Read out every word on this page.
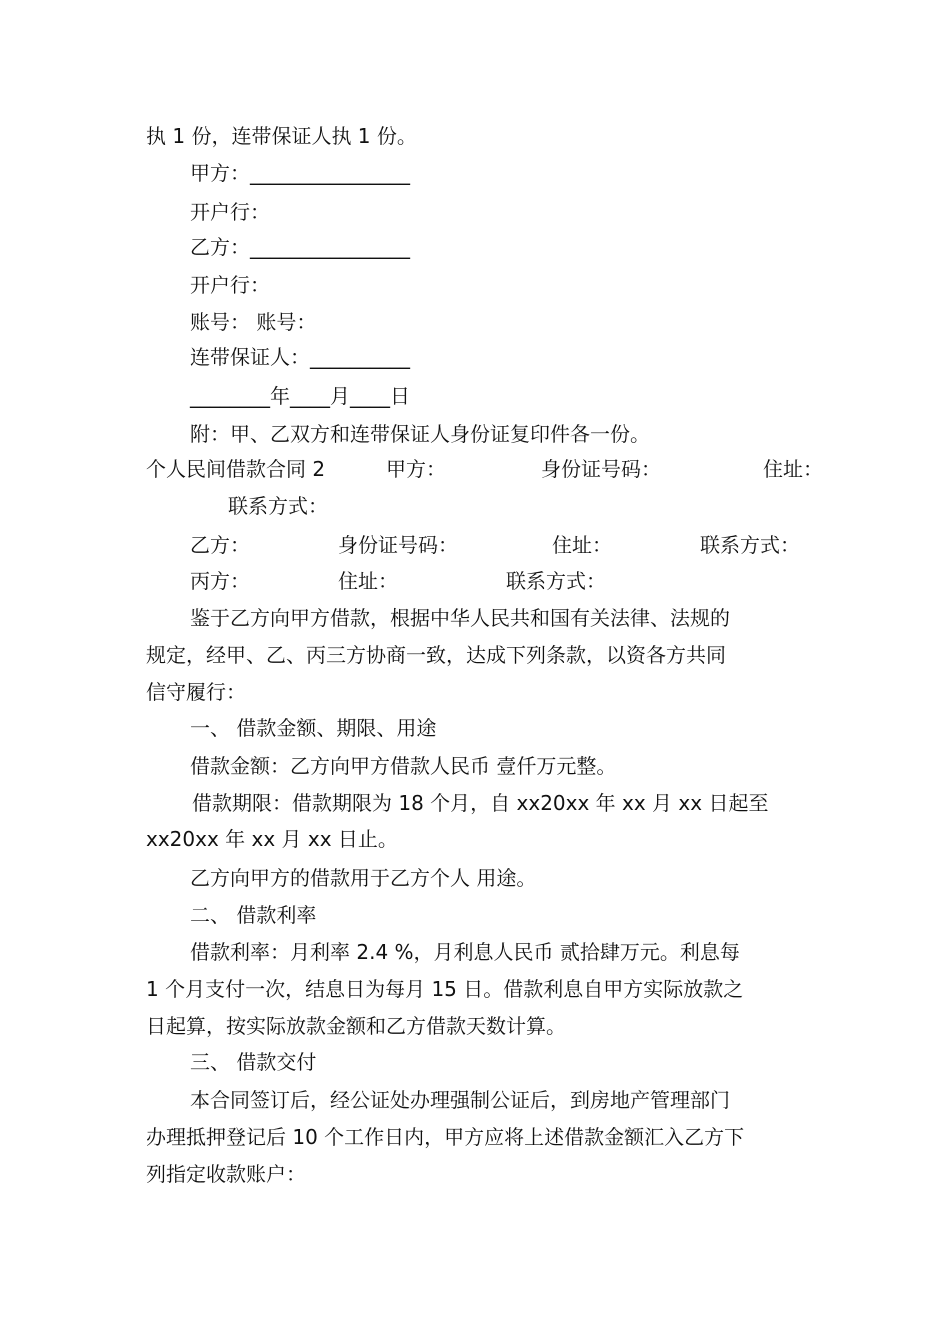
执 1 份，连带保证人执 1 份。
甲方：________________
开户行：
乙方：________________
开户行：
账号： 账号：
连带保证人：__________
________年____月____日
附：甲、乙双方和连带保证人身份证复印件各一份。
个人民间借款合同 2	甲方：	身份证号码：	住址：
联系方式：
乙方：	身份证号码：	住址：	联系方式：
丙方：	住址：	联系方式：
鉴于乙方向甲方借款，根据中华人民共和国有关法律、法规的
规定，经甲、乙、丙三方协商一致，达成下列条款，以资各方共同
信守履行：
一、 借款金额、期限、用途
借款金额：乙方向甲方借款人民币 壹仟万元整。
借款期限：借款期限为 18 个月，自 xx20xx 年 xx 月 xx 日起至
xx20xx 年 xx 月 xx 日止。
乙方向甲方的借款用于乙方个人 用途。
二、 借款利率
借款利率：月利率 2.4 %，月利息人民币 贰拾肆万元。利息每
1 个月支付一次，结息日为每月 15 日。借款利息自甲方实际放款之
日起算，按实际放款金额和乙方借款天数计算。
三、 借款交付
本合同签订后，经公证处办理强制公证后，到房地产管理部门
办理抵押登记后 10 个工作日内，甲方应将上述借款金额汇入乙方下
列指定收款账户：
